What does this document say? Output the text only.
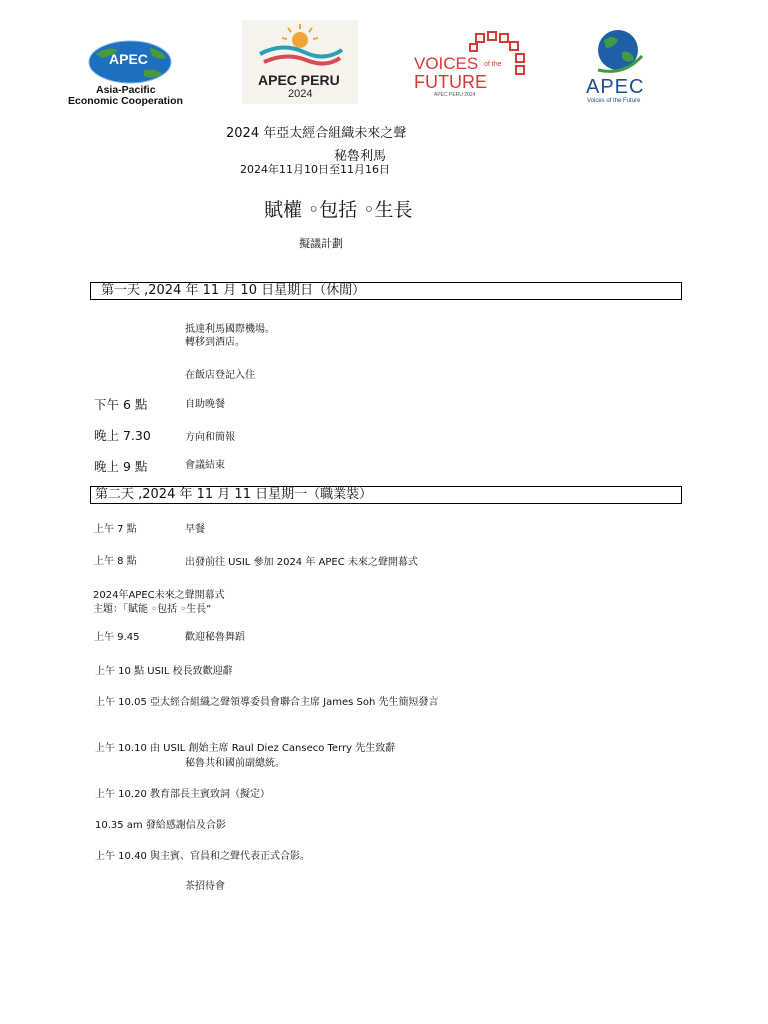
APEC
Asia-Pacific
Economic Cooperation
APEC PERU
2024
VOICES of the
FUTURE
APEC PERU 2024	APEC
Voices of the Future
2024 年亞太經合組織未來之聲
秘魯利馬
2024年11月10日至11月16日
賦權 ◦包括 ◦生長
擬議計劃
第一天 ,2024 年 11 月 10 日星期日（休閒）
抵達利馬國際機場。
轉移到酒店。
在飯店登記入住
下午 6 點	自助晚餐
晚上 7.30	方向和簡報
晚上 9 點	會議結束
第二天 ,2024 年 11 月 11 日星期一（職業裝）
上午 7 點	早餐
上午 8 點	出發前往 USIL 參加 2024 年 APEC 未來之聲開幕式
2024年APEC未來之聲開幕式
主題：「賦能 ◦包括 ◦生長”
上午 9.45	歡迎秘魯舞蹈
上午 10 點 USIL 校長致歡迎辭
上午 10.05 亞太經合組織之聲領導委員會聯合主席 James Soh 先生簡短發言
上午 10.10 由 USIL 創始主席 Raul Diez Canseco Terry 先生致辭
秘魯共和國前副總統。
上午 10.20 教育部長主賓致詞（擬定）
10.35 am 發給感謝信及合影
上午 10.40 與主賓、官員和之聲代表正式合影。
茶招待會
